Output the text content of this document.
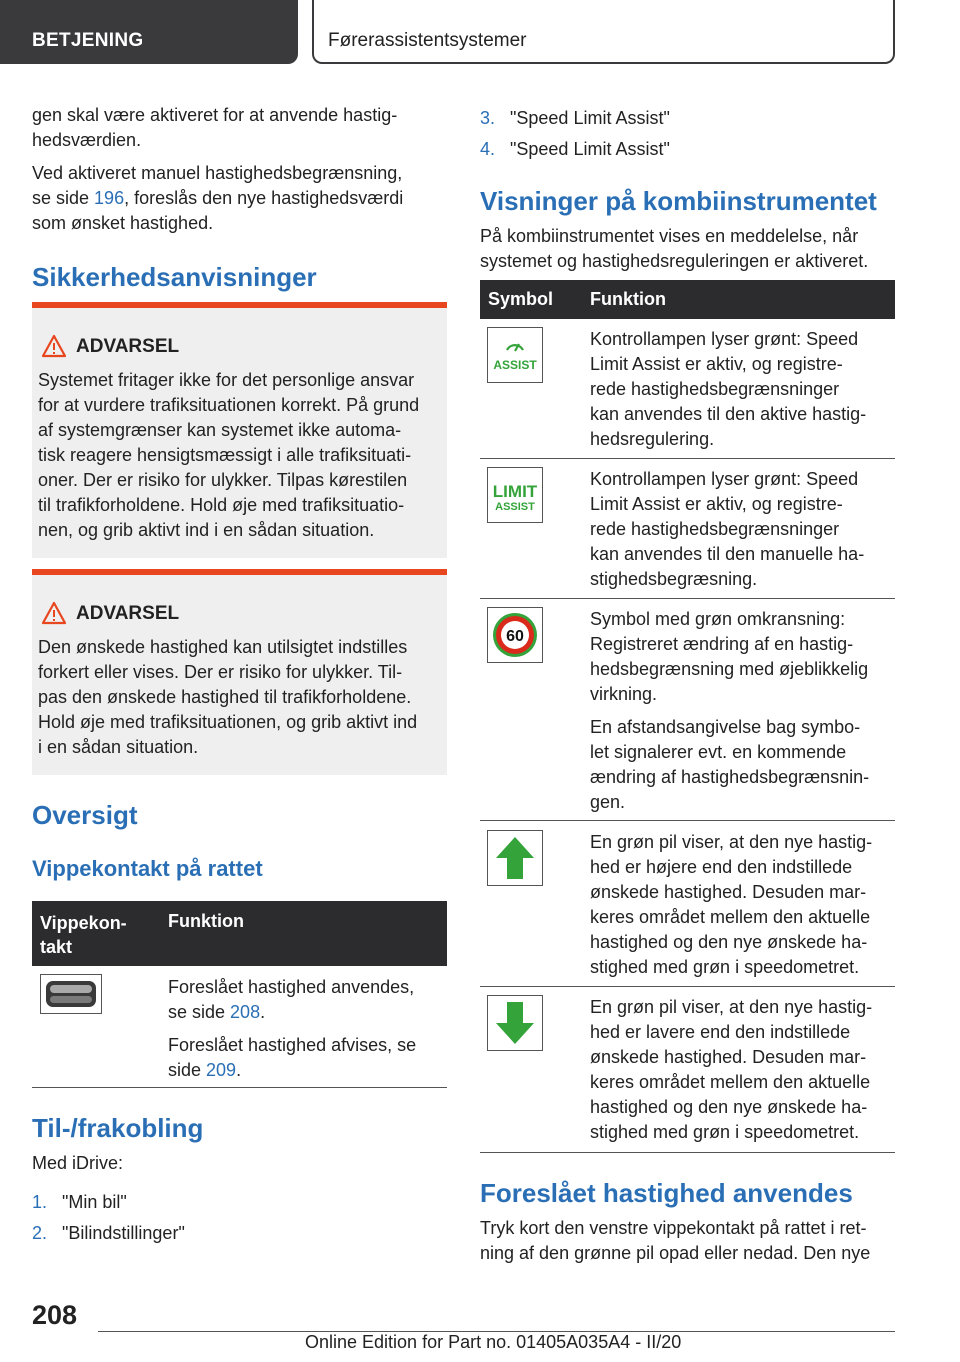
BETJENING	Førerassistentsystemer

gen skal være aktiveret for at anvende hastig-

hedsværdien.

Ved aktiveret manuel hastighedsbegrænsning,

se side 196, foreslås den nye hastighedsværdi

som ønsket hastighed.

Sikkerhedsanvisninger
ADVARSEL
Systemet fritager ikke for det personlige ansvar
for at vurdere trafiksituationen korrekt. På grund
af systemgrænser kan systemet ikke automa-
tisk reagere hensigtsmæssigt i alle trafiksituati-
oner. Der er risiko for ulykker. Tilpas kørestilen
til trafikforholdene. Hold øje med trafiksituatio-
nen, og grib aktivt ind i en sådan situation.
ADVARSEL
Den ønskede hastighed kan utilsigtet indstilles
forkert eller vises. Der er risiko for ulykker. Til-
pas den ønskede hastighed til trafikforholdene.
Hold øje med trafiksituationen, og grib aktivt ind
i en sådan situation.
Oversigt
Vippekontakt på rattet
Vippekon-
takt
Funktion
Foreslået hastighed anvendes,
se side 208.
Foreslået hastighed afvises, se
side 209.
Til-/frakobling

Med iDrive:

1. "Min bil"
2. "Bilindstillinger"
3. "Speed Limit Assist"
4. "Speed Limit Assist"
Visninger på kombiinstrumentet

På kombiinstrumentet vises en meddelelse, når

systemet og hastighedsreguleringen er aktiveret.

Symbol Funktion
ASSIST
Kontrollampen lyser grønt: Speed
Limit Assist er aktiv, og registre-
rede hastighedsbegrænsninger
kan anvendes til den aktive hastig-
hedsregulering.
LIMIT
ASSIST
Kontrollampen lyser grønt: Speed
Limit Assist er aktiv, og registre-
rede hastighedsbegrænsninger
kan anvendes til den manuelle ha-
stighedsbegræsning.
60
Symbol med grøn omkransning:
Registreret ændring af en hastig-
hedsbegrænsning med øjeblikkelig
virkning.
En afstandsangivelse bag symbo-
let signalerer evt. en kommende
ændring af hastighedsbegrænsnin-
gen.
En grøn pil viser, at den nye hastig-
hed er højere end den indstillede
ønskede hastighed. Desuden mar-
keres området mellem den aktuelle
hastighed og den nye ønskede ha-
stighed med grøn i speedometret.
En grøn pil viser, at den nye hastig-
hed er lavere end den indstillede
ønskede hastighed. Desuden mar-
keres området mellem den aktuelle
hastighed og den nye ønskede ha-
stighed med grøn i speedometret.
Foreslået hastighed anvendes

Tryk kort den venstre vippekontakt på rattet i ret-

ning af den grønne pil opad eller nedad. Den nye

208
Online Edition for Part no. 01405A035A4 - II/20
